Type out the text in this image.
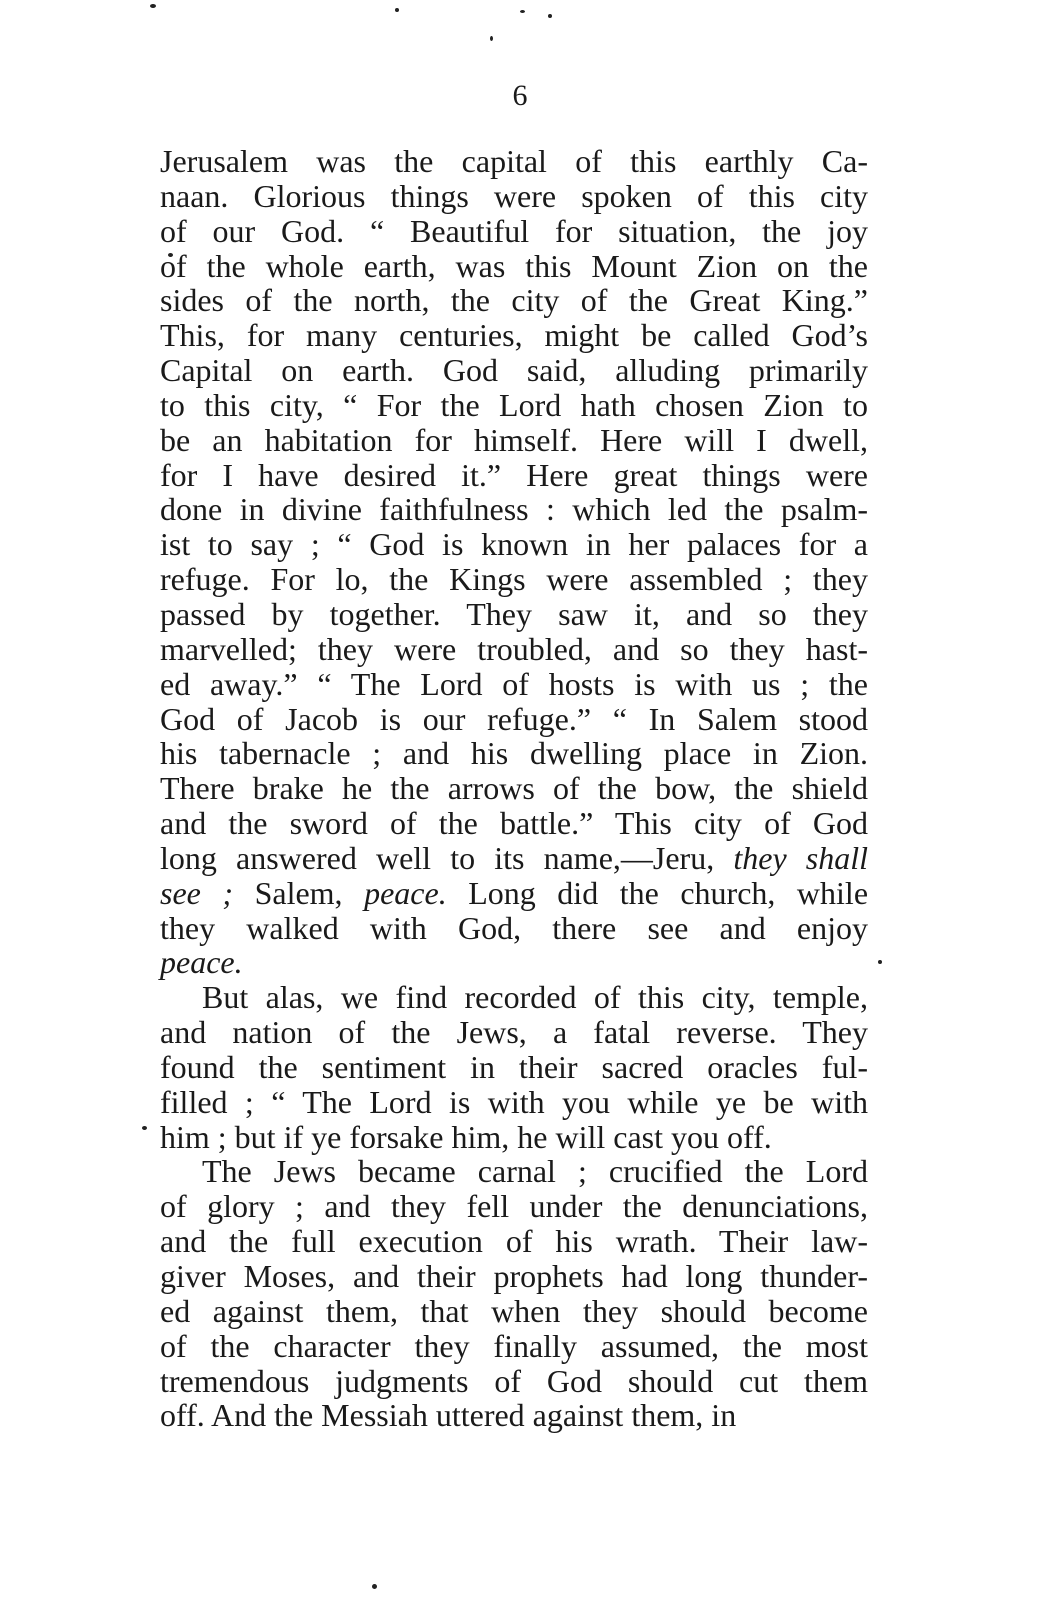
6
Jerusalem was the capital of this earthly Ca-
naan. Glorious things were spoken of this city
of our God. “ Beautiful for situation, the joy
of the whole earth, was this Mount Zion on the
sides of the north, the city of the Great King.”
This, for many centuries, might be called God’s
Capital on earth. God said, alluding primarily
to this city, “ For the Lord hath chosen Zion to
be an habitation for himself. Here will I dwell,
for I have desired it.” Here great things were
done in divine faithfulness : which led the psalm-
ist to say ; “ God is known in her palaces for a
refuge. For lo, the Kings were assembled ; they
passed by together. They saw it, and so they
marvelled; they were troubled, and so they hast-
ed away.” “ The Lord of hosts is with us ; the
God of Jacob is our refuge.” “ In Salem stood
his tabernacle ; and his dwelling place in Zion.
There brake he the arrows of the bow, the shield
and the sword of the battle.” This city of God
long answered well to its name,—Jeru, they shall
see ; Salem, peace. Long did the church, while
they walked with God, there see and enjoy
peace.
But alas, we find recorded of this city, temple,
and nation of the Jews, a fatal reverse. They
found the sentiment in their sacred oracles ful-
filled ; “ The Lord is with you while ye be with
him ; but if ye forsake him, he will cast you off.
The Jews became carnal ; crucified the Lord
of glory ; and they fell under the denunciations,
and the full execution of his wrath. Their law-
giver Moses, and their prophets had long thunder-
ed against them, that when they should become
of the character they finally assumed, the most
tremendous judgments of God should cut them
off. And the Messiah uttered against them, in
